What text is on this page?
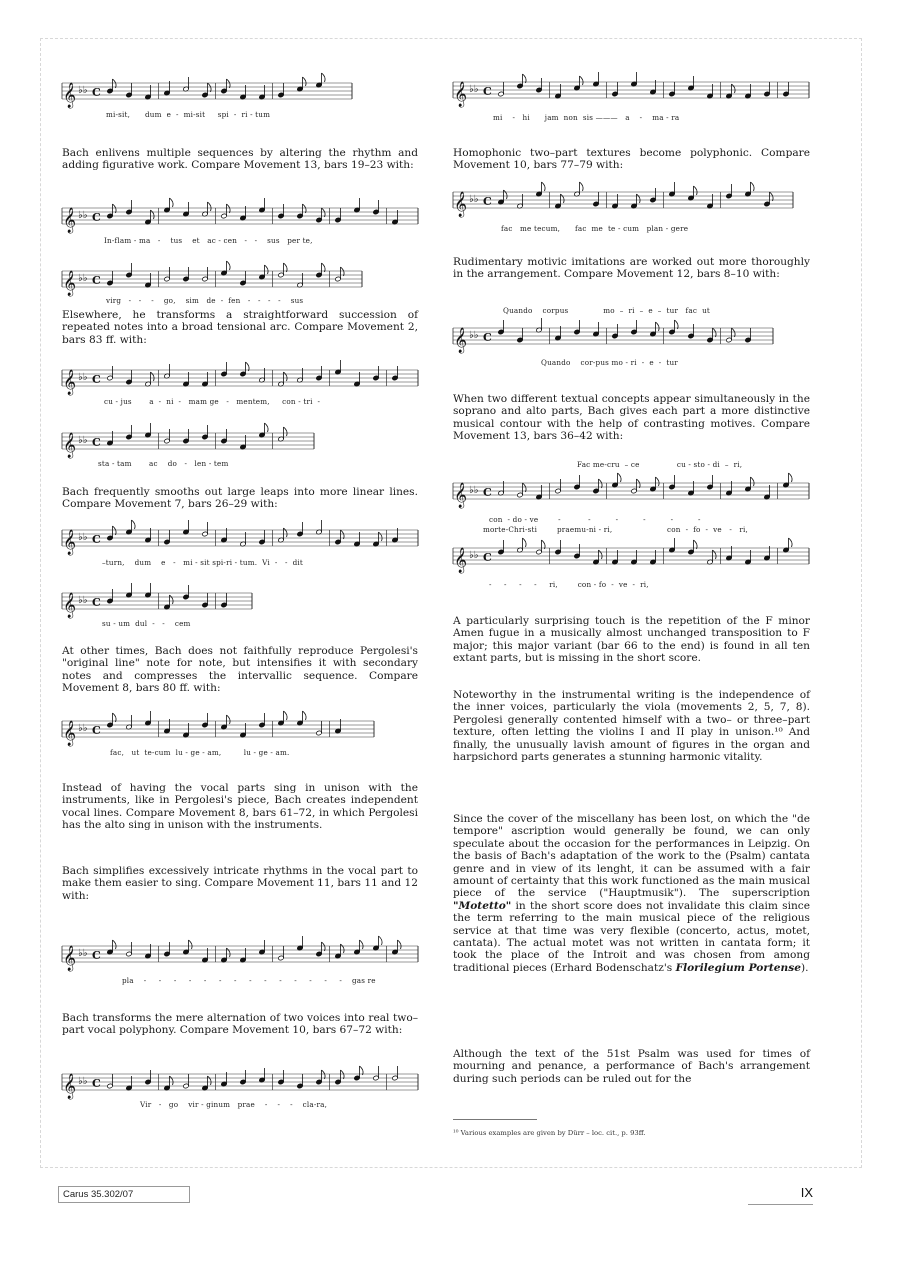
𝄞 ♭♭ C
mi-sit,      dum  e  -  mi-sit     spi  -  ri - tum

Bach enlivens multiple sequences by altering the rhythm and adding figurative work. Compare Movement 13, bars 19–23 with:

𝄞 ♭♭ C
In-flam - ma   -    tus    et   ac - cen   -   -    sus   per te,
𝄞 ♭♭ C
virg   -   -    -    go,    sim   de  -  fen   -   -   -   -    sus

Elsewhere, he transforms a straightforward succession of repeated notes into a broad tensional arc. Compare Movement 2, bars 83 ff. with:

𝄞 ♭♭ C
cu - jus       a  -  ni  -   mam ge   -   mentem,     con - tri  -
𝄞 ♭♭ C
sta - tam       ac    do   -   len - tem

Bach frequently smooths out large leaps into more linear lines. Compare Movement 7, bars 26–29 with:

𝄞 ♭♭ C
–turn,    dum    e   -   mi - sit spi-ri - tum.  Vi  -   -  dit
𝄞 ♭♭ C
su - um  dul  -   -    cem

At other times, Bach does not faithfully reproduce Pergolesi's "original line" note for note, but intensifies it with secondary notes and compresses the intervallic sequence. Compare Movement 8, bars 80 ff. with:

𝄞 ♭♭ C
fac,   ut  te-cum  lu - ge - am,         lu - ge - am.

Instead of having the vocal parts sing in unison with the instruments, like in Pergolesi's piece, Bach creates independent vocal lines. Compare Movement 8, bars 61–72, in which Pergolesi has the alto sing in unison with the instruments.

Bach simplifies excessively intricate rhythms in the vocal part to make them easier to sing. Compare Movement 11, bars 11 and 12 with:

𝄞 ♭♭ C
pla    -     -     -     -     -     -     -     -     -     -     -     -     -     -    gas re

Bach transforms the mere alternation of two voices into real two–part vocal polyphony. Compare Movement 10, bars 67–72 with:

𝄞 ♭♭ C
Vir   -   go    vir - ginum   prae    -    -    -    cla-ra,
𝄞 ♭♭ C
mi    -   hi      jam  non  sis ———   a    -    ma - ra

Homophonic two–part textures become polyphonic. Compare Movement 10, bars 77–79 with:

𝄞 ♭♭ C
fac   me tecum,      fac  me  te - cum   plan - gere

Rudimentary motivic imitations are worked out more thoroughly in the arrangement. Compare Movement 12, bars 8–10 with:

Quando    corpus              mo  –  ri  –  e  –  tur   fac  ut
𝄞 ♭♭ C
Quando    cor-pus mo - ri  -  e  -  tur

When two different textual concepts appear simultaneously in the soprano and alto parts, Bach gives each part a more distinctive musical contour with the help of contrasting motives. Compare Movement 13, bars 36–42 with:

Fac me-cru  – ce               cu - sto - di  –  ri,
𝄞 ♭♭ C
con  - do - ve        -           -          -          -          -          -
morte-Chri-sti        praemu-ni - ri,                      con  -  fo  -  ve   -   ri,
𝄞 ♭♭ C
-     -     -     -     ri,        con - fo  -  ve  -  ri,

A particularly surprising touch is the repetition of the F minor Amen fugue in a musically almost unchanged transposition to F major; this major variant (bar 66 to the end) is found in all ten extant parts, but is missing in the short score.

Noteworthy in the instrumental writing is the independence of the inner voices, particularly the viola (movements 2, 5, 7, 8). Pergolesi generally contented himself with a two– or three–part texture, often letting the violins I and II play in unison.¹⁰ And finally, the unusually lavish amount of figures in the organ and harpsichord parts generates a stunning harmonic vitality.

Since the cover of the miscellany has been lost, on which the "de tempore" ascription would generally be found, we can only speculate about the occasion for the performances in Leipzig. On the basis of Bach's adaptation of the work to the (Psalm) cantata genre and in view of its lenght, it can be assumed with a fair amount of certainty that this work functioned as the main musical piece of the service ("Hauptmusik"). The superscription "Motetto" in the short score does not invalidate this claim since the term referring to the main musical piece of the religious service at that time was very flexible (concerto, actus, motet, cantata). The actual motet was not written in cantata form; it took the place of the Introit and was chosen from among traditional pieces (Erhard Bodenschatz's Florilegium Portense).

Although the text of the 51st Psalm was used for times of mourning and penance, a performance of Bach's arrangement during such periods can be ruled out for the

¹⁰ Various examples are given by Dürr – loc. cit., p. 93ff.
Carus 35.302/07	IX
